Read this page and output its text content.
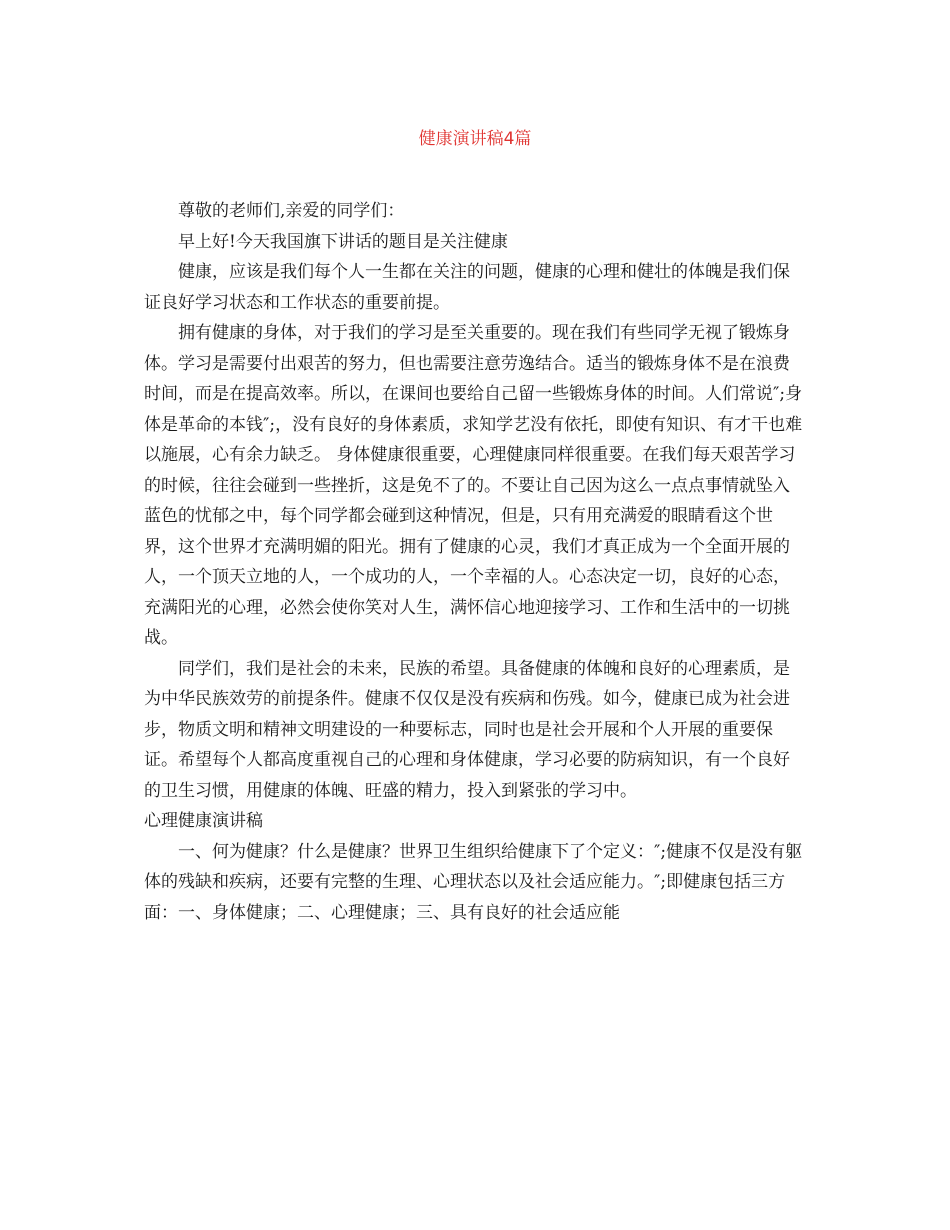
健康演讲稿4篇

尊敬的老师们,亲爱的同学们：

早上好!今天我国旗下讲话的题目是关注健康

健康，应该是我们每个人一生都在关注的问题，健康的心理和健壮的体魄是我们保证良好学习状态和工作状态的重要前提。

拥有健康的身体，对于我们的学习是至关重要的。现在我们有些同学无视了锻炼身体。学习是需要付出艰苦的努力，但也需要注意劳逸结合。适当的锻炼身体不是在浪费时间，而是在提高效率。所以，在课间也要给自己留一些锻炼身体的时间。人们常说″;身体是革命的本钱″;，没有良好的身体素质，求知学艺没有依托，即使有知识、有才干也难以施展，心有余力缺乏。 身体健康很重要，心理健康同样很重要。在我们每天艰苦学习的时候，往往会碰到一些挫折，这是免不了的。不要让自己因为这么一点点事情就坠入蓝色的忧郁之中，每个同学都会碰到这种情况，但是，只有用充满爱的眼睛看这个世界，这个世界才充满明媚的阳光。拥有了健康的心灵，我们才真正成为一个全面开展的人，一个顶天立地的人，一个成功的人，一个幸福的人。心态决定一切，良好的心态，充满阳光的心理，必然会使你笑对人生，满怀信心地迎接学习、工作和生活中的一切挑战。

同学们，我们是社会的未来，民族的希望。具备健康的体魄和良好的心理素质，是为中华民族效劳的前提条件。健康不仅仅是没有疾病和伤残。如今，健康已成为社会进步，物质文明和精神文明建设的一种要标志，同时也是社会开展和个人开展的重要保证。希望每个人都高度重视自己的心理和身体健康，学习必要的防病知识，有一个良好的卫生习惯，用健康的体魄、旺盛的精力，投入到紧张的学习中。

心理健康演讲稿

一、何为健康？什么是健康？世界卫生组织给健康下了个定义：″;健康不仅是没有躯体的残缺和疾病，还要有完整的生理、心理状态以及社会适应能力。″;即健康包括三方面：一、身体健康；二、心理健康；三、具有良好的社会适应能
